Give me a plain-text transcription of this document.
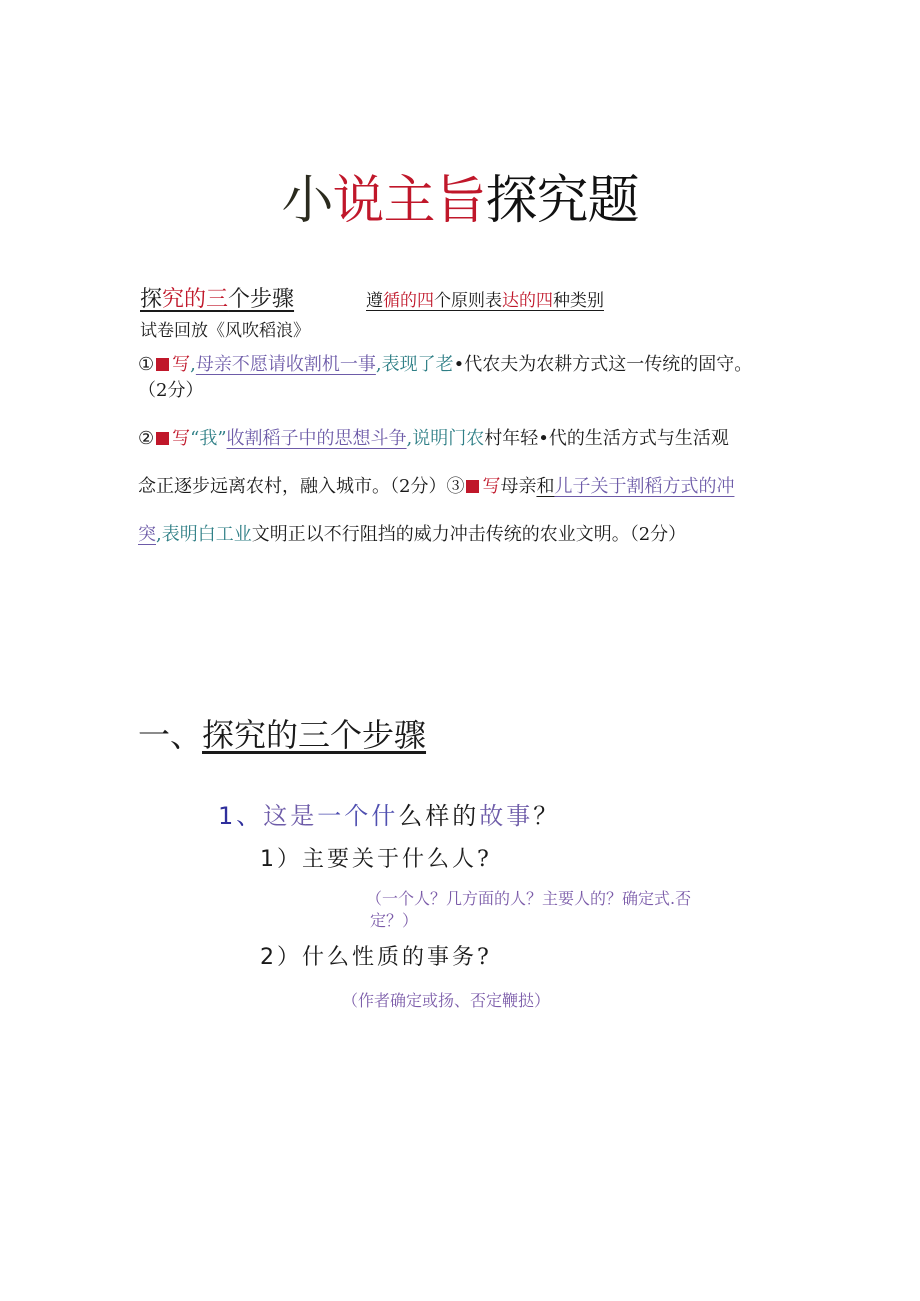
小说主旨探究题
探究的三个步骤	遵循的四个原则表达的四种类别
试卷回放《风吹稻浪》
① 写,母亲不愿请收割机一事,表现了老•代农夫为农耕方式这一传统的固守。
（2分）
② 写“我”收割稻子中的思想斗争,说明门农村年轻•代的生活方式与生活观
念正逐步远离农村，融入城市。（2分）③ 写母亲和儿子关于割稻方式的冲
突,表明白工业文明正以不行阻挡的威力冲击传统的农业文明。（2分）
一、探究的三个步骤
1、这是一个什么样的故事？
1）主要关于什么人?
（一个人？几方面的人？主要人的？确定式.否
定？）
2）什么性质的事务?
（作者确定或扬、否定鞭挞）
